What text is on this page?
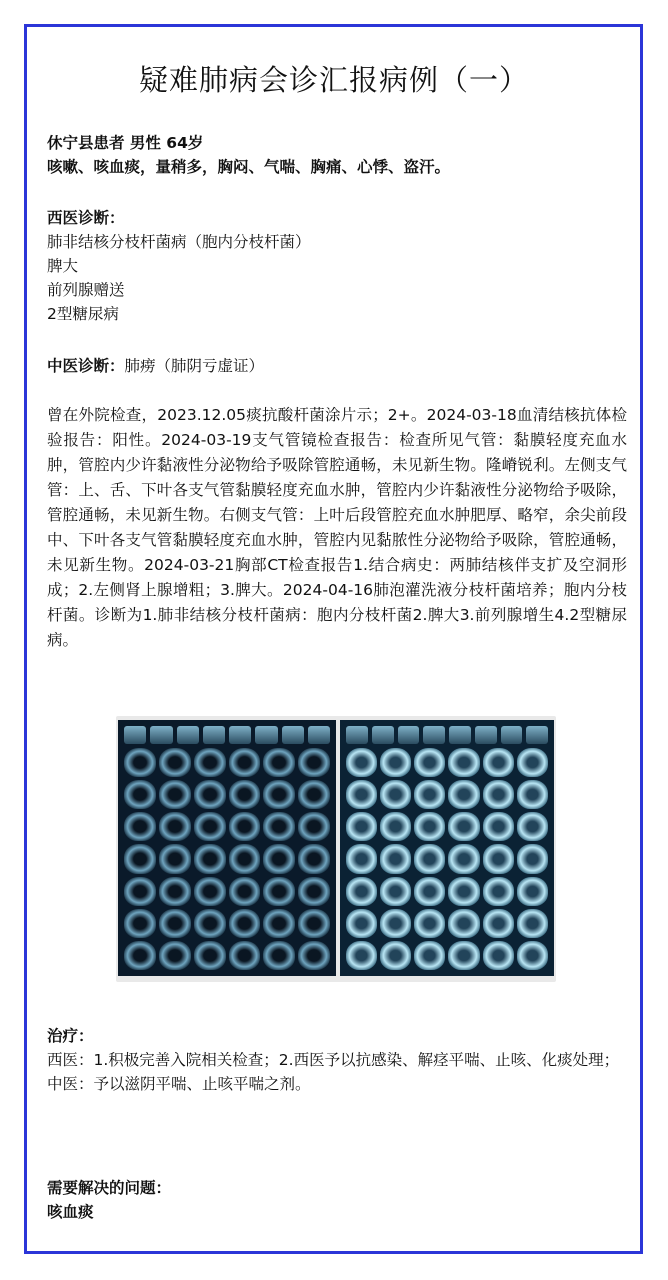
疑难肺病会诊汇报病例（一）

休宁县患者 男性 64岁

咳嗽、咳血痰，量稍多，胸闷、气喘、胸痛、心悸、盗汗。

西医诊断：

肺非结核分枝杆菌病（胞内分枝杆菌）

脾大

前列腺赠送

2型糖尿病

中医诊断：肺痨（肺阴亏虚证）

曾在外院检查，2023.12.05痰抗酸杆菌涂片示；2+。2024-03-18血清结核抗体检验报告：阳性。2024-03-19支气管镜检查报告：检查所见气管：黏膜轻度充血水肿，管腔内少许黏液性分泌物给予吸除管腔通畅，未见新生物。隆嵴锐利。左侧支气管：上、舌、下叶各支气管黏膜轻度充血水肿，管腔内少许黏液性分泌物给予吸除，管腔通畅，未见新生物。右侧支气管：上叶后段管腔充血水肿肥厚、略窄，余尖前段中、下叶各支气管黏膜轻度充血水肿，管腔内见黏脓性分泌物给予吸除，管腔通畅，未见新生物。2024-03-21胸部CT检查报告1.结合病史：两肺结核伴支扩及空洞形成；2.左侧肾上腺增粗；3.脾大。2024-04-16肺泡灌洗液分枝杆菌培养；胞内分枝杆菌。诊断为1.肺非结核分枝杆菌病：胞内分枝杆菌2.脾大3.前列腺增生4.2型糖尿病。

治疗：

西医：1.积极完善入院相关检查；2.西医予以抗感染、解痉平喘、止咳、化痰处理；

中医：予以滋阴平喘、止咳平喘之剂。

需要解决的问题：

咳血痰
